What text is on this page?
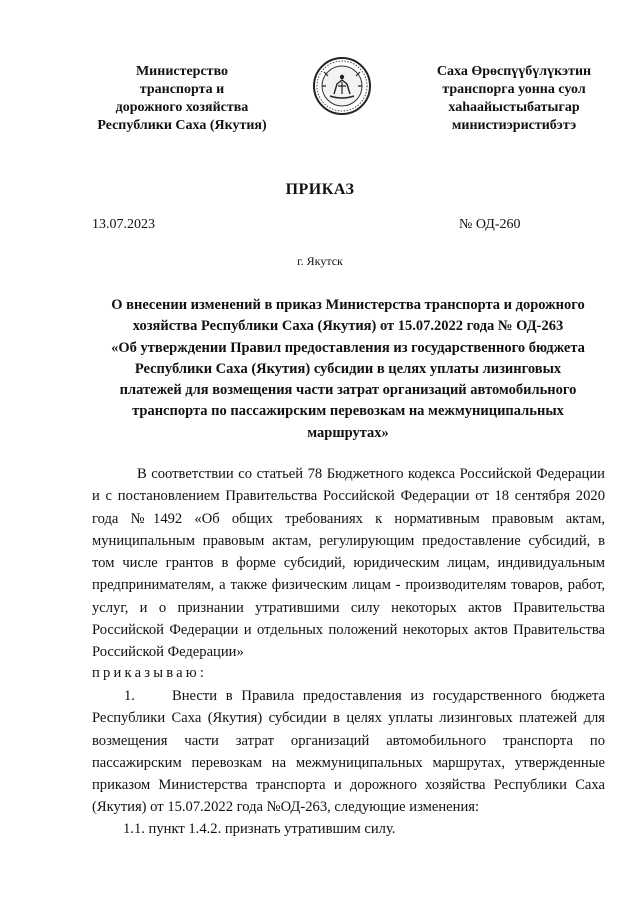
Министерство
транспорта и
дорожного хозяйства
Республики Саха (Якутия)
Саха Өрөспүүбүлүкэтин
транспорга уонна суол
хаһаайыстыбатыгар
министиэристибэтэ
ПРИКАЗ
13.07.2023	№ ОД-260
г. Якутск
О внесении изменений в приказ Министерства транспорта и дорожного
хозяйства Республики Саха (Якутия) от 15.07.2022 года № ОД-263
«Об утверждении Правил предоставления из государственного бюджета
Республики Саха (Якутия) субсидии в целях уплаты лизинговых
платежей для возмещения части затрат организаций автомобильного
транспорта по пассажирским перевозкам на межмуниципальных
маршрутах»
В соответствии со статьей 78 Бюджетного кодекса Российской Федерации и с постановлением Правительства Российской Федерации от 18 сентября 2020 года №1492 «Об общих требованиях к нормативным правовым актам, муниципальным правовым актам, регулирующим предоставление субсидий, в том числе грантов в форме субсидий, юридическим лицам, индивидуальным предпринимателям, а также физическим лицам - производителям товаров, работ, услуг, и о признании утратившими силу некоторых актов Правительства Российской Федерации и отдельных положений некоторых актов Правительства Российской Федерации»
приказываю:
1.	Внести в Правила предоставления из государственного бюджета Республики Саха (Якутия) субсидии в целях уплаты лизинговых платежей для возмещения части затрат организаций автомобильного транспорта по пассажирским перевозкам на межмуниципальных маршрутах, утвержденные приказом Министерства транспорта и дорожного хозяйства Республики Саха (Якутия) от 15.07.2022 года №ОД-263, следующие изменения:
1.1. пункт 1.4.2. признать утратившим силу.
